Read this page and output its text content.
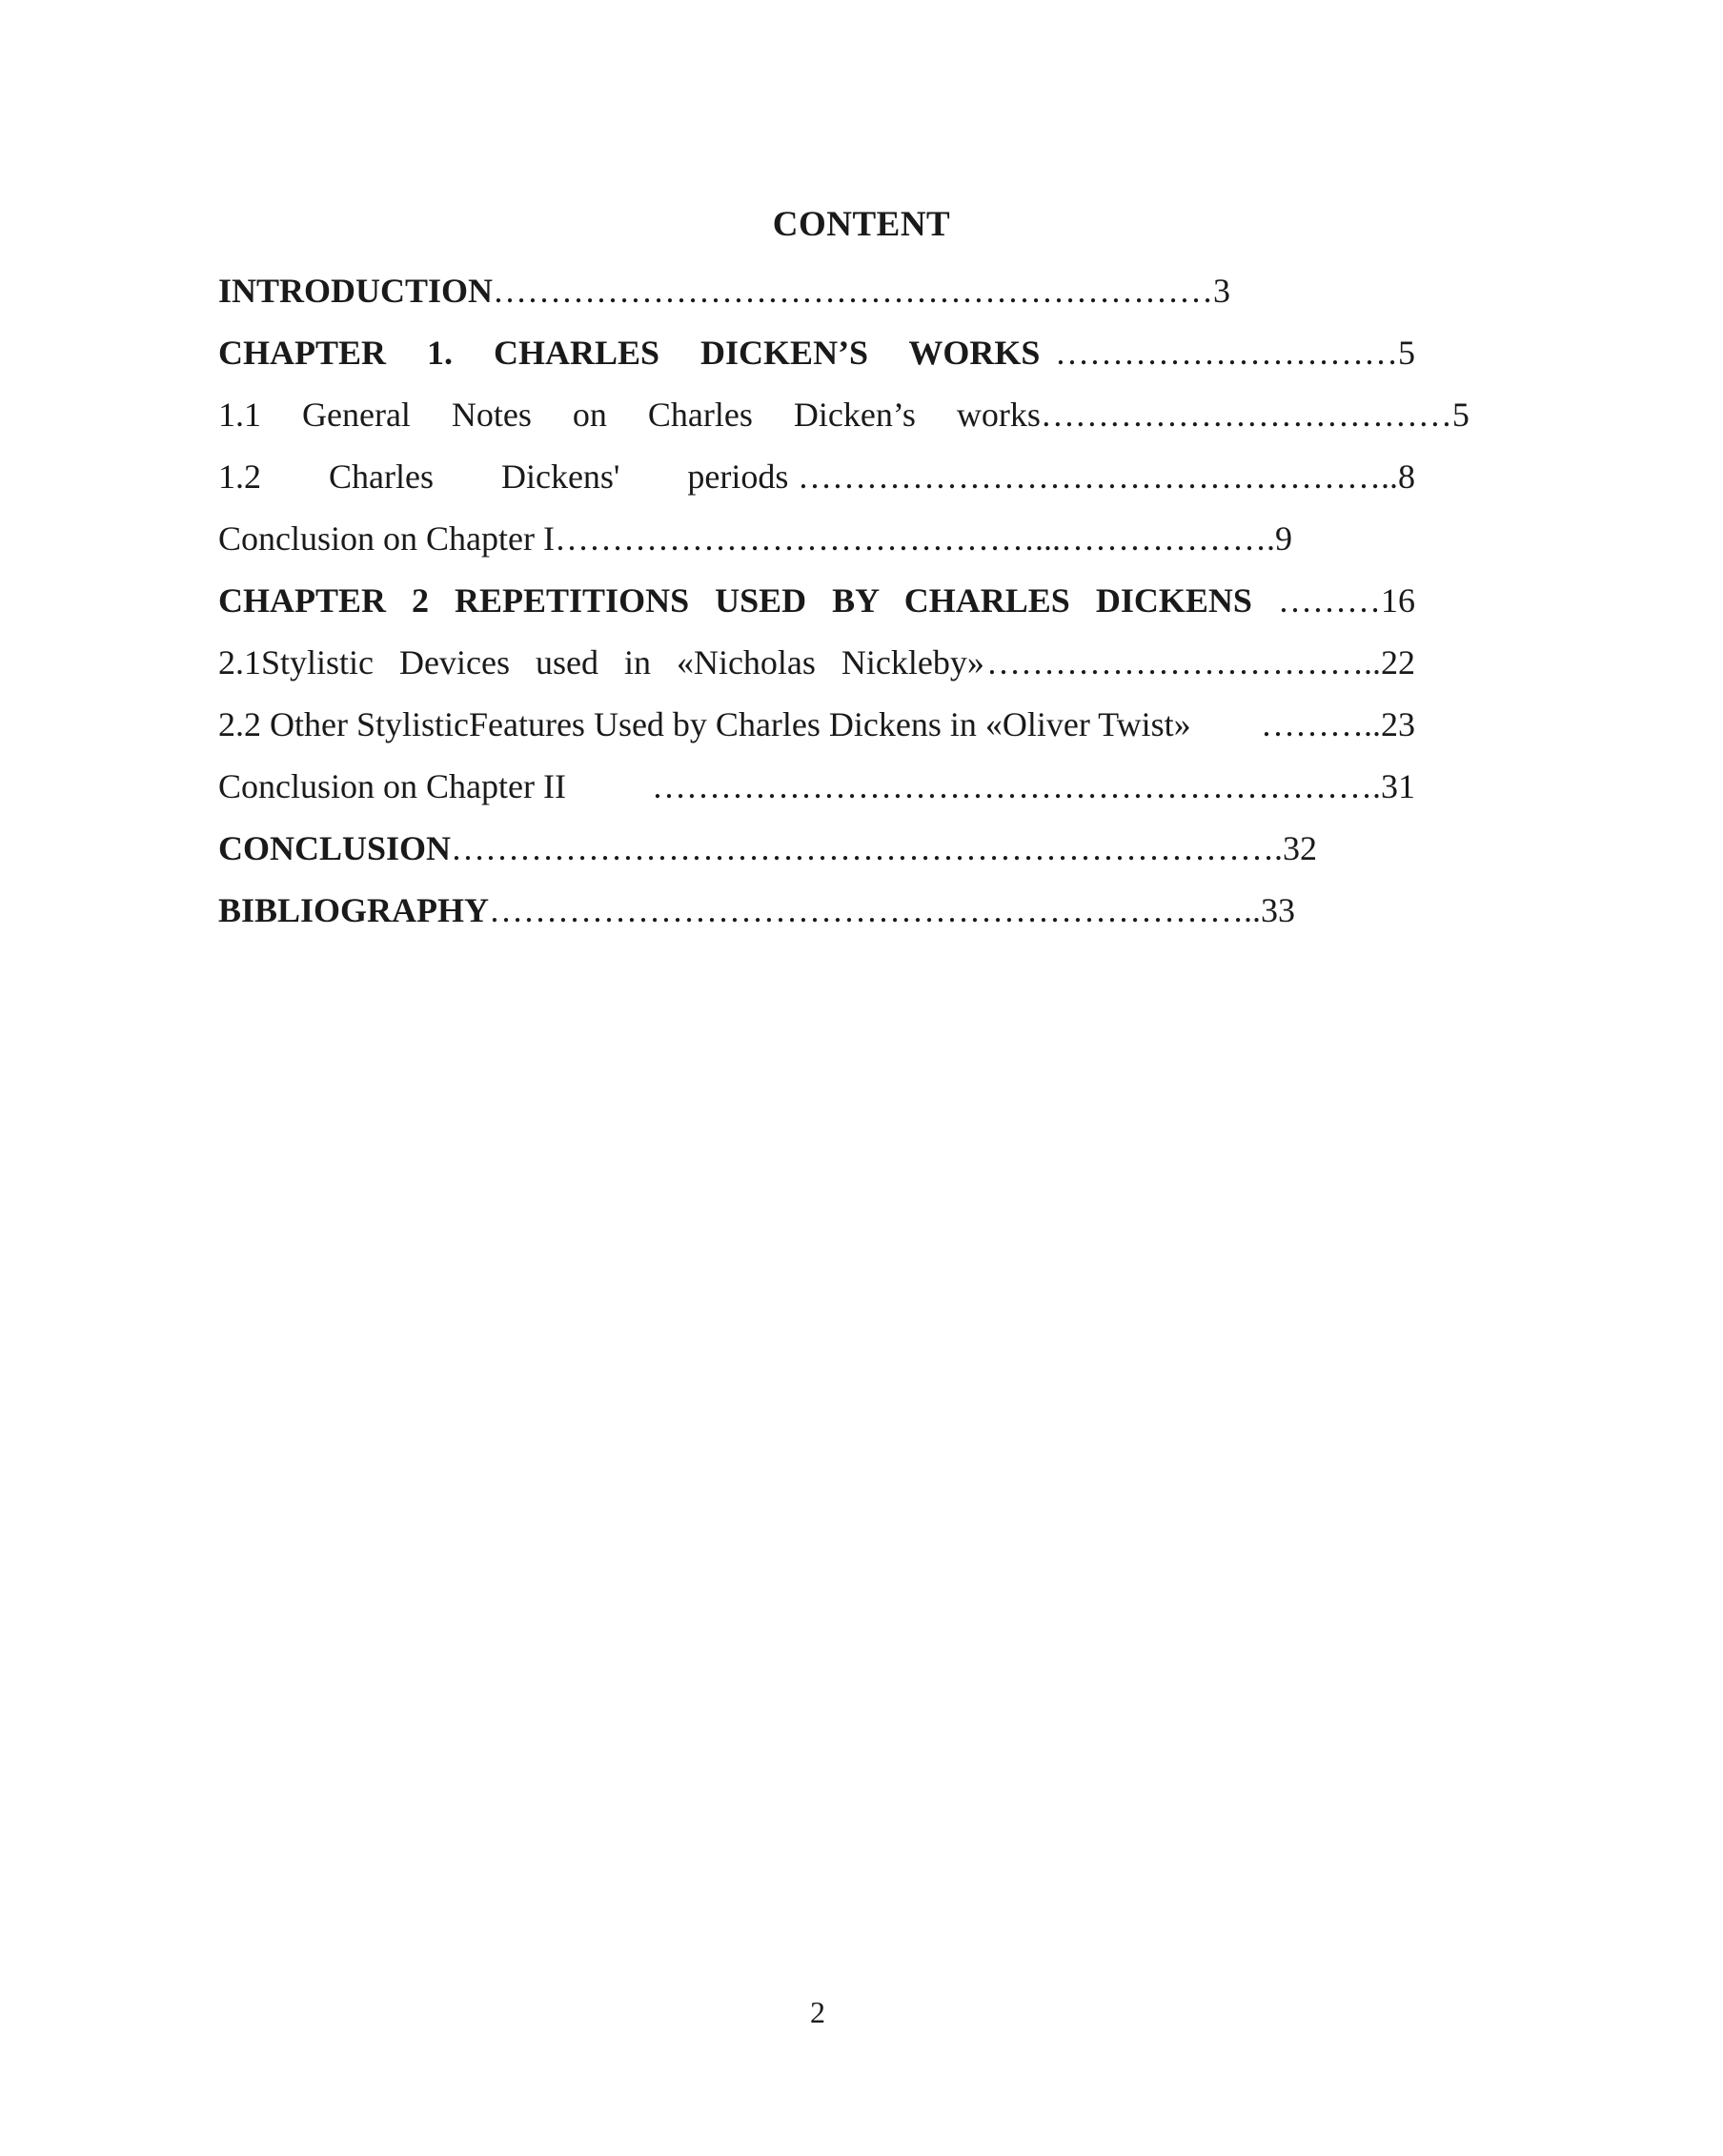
CONTENT
INTRODUCTION ……………………………………………………… 3
CHAPTER 1. CHARLES DICKEN’S WORKS ………………………… 5
1.1 General Notes on Charles Dicken’s works ……………………………… 5
1.2 Charles Dickens' periods …………………………………………….. 8
Conclusion on Chapter I ……………………………………...……………… .9
CHAPTER 2 REPETITIONS USED BY CHARLES DICKENS ……… 16
2.1Stylistic Devices used in «Nicholas Nickleby» …………………………….. 22
2.2 Other StylisticFeatures Used by Charles Dickens in «Oliver Twist» ……….. 23
Conclusion on Chapter II	………………………………………………………. 31
CONCLUSION ………………………………………………………………. 32
BIBLIOGRAPHY ………………………………………………………….. 33
2
